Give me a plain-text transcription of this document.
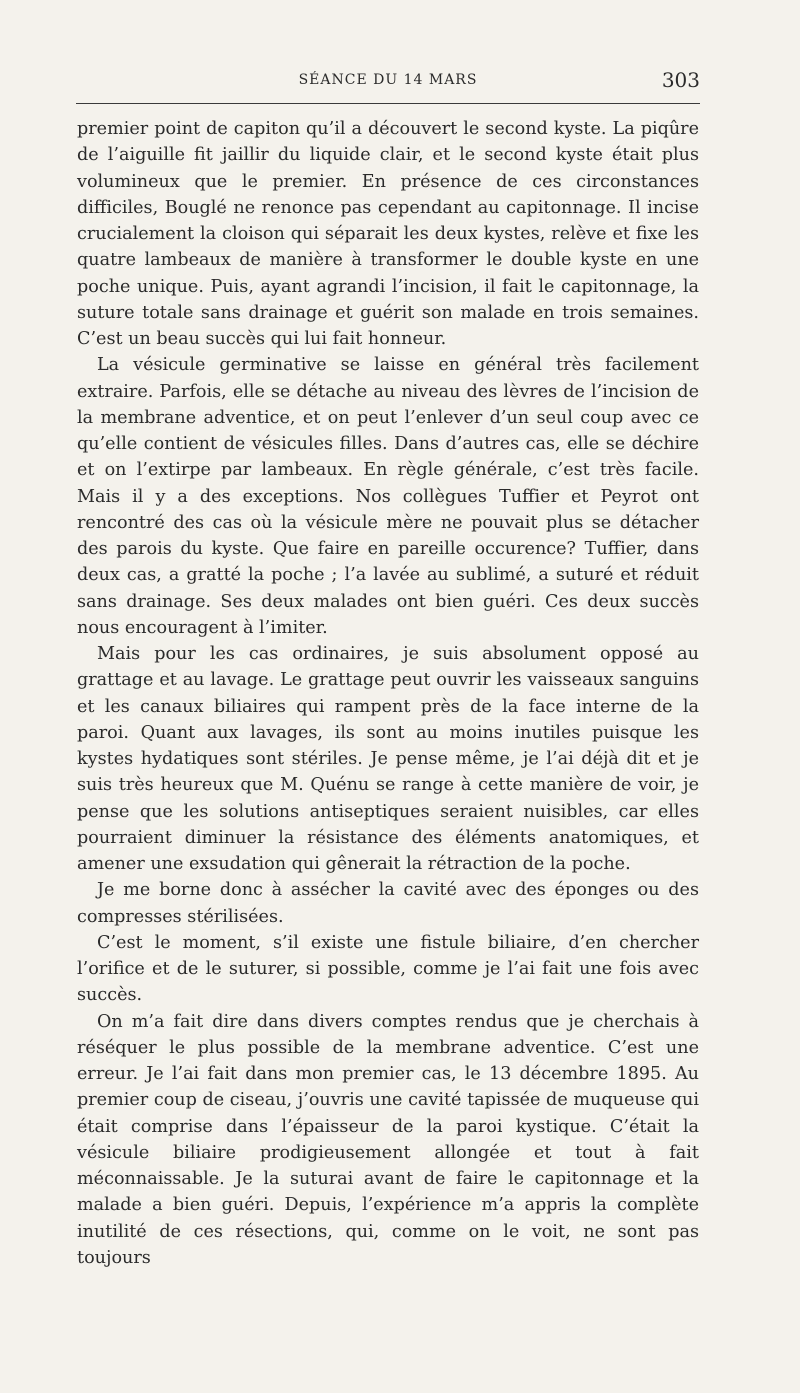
SÉANCE DU 14 MARS	303

premier point de capiton qu’il a découvert le second kyste. La piqûre de l’aiguille fit jaillir du liquide clair, et le second kyste était plus volumineux que le premier. En présence de ces circonstances difficiles, Bouglé ne renonce pas cependant au capitonnage. Il incise crucialement la cloison qui séparait les deux kystes, relève et fixe les quatre lambeaux de manière à transformer le double kyste en une poche unique. Puis, ayant agrandi l’incision, il fait le capitonnage, la suture totale sans drainage et guérit son malade en trois semaines. C’est un beau succès qui lui fait honneur.

La vésicule germinative se laisse en général très facilement extraire. Parfois, elle se détache au niveau des lèvres de l’incision de la membrane adventice, et on peut l’enlever d’un seul coup avec ce qu’elle contient de vésicules filles. Dans d’autres cas, elle se déchire et on l’extirpe par lambeaux. En règle générale, c’est très facile. Mais il y a des exceptions. Nos collègues Tuffier et Peyrot ont rencontré des cas où la vésicule mère ne pouvait plus se détacher des parois du kyste. Que faire en pareille occurence? Tuffier, dans deux cas, a gratté la poche ; l’a lavée au sublimé, a suturé et réduit sans drainage. Ses deux malades ont bien guéri. Ces deux succès nous encouragent à l’imiter.

Mais pour les cas ordinaires, je suis absolument opposé au grattage et au lavage. Le grattage peut ouvrir les vaisseaux sanguins et les canaux biliaires qui rampent près de la face interne de la paroi. Quant aux lavages, ils sont au moins inutiles puisque les kystes hydatiques sont stériles. Je pense même, je l’ai déjà dit et je suis très heureux que M. Quénu se range à cette manière de voir, je pense que les solutions antiseptiques seraient nuisibles, car elles pourraient diminuer la résistance des éléments anatomiques, et amener une exsudation qui gênerait la rétraction de la poche.

Je me borne donc à assécher la cavité avec des éponges ou des compresses stérilisées.

C’est le moment, s’il existe une fistule biliaire, d’en chercher l’orifice et de le suturer, si possible, comme je l’ai fait une fois avec succès.

On m’a fait dire dans divers comptes rendus que je cherchais à réséquer le plus possible de la membrane adventice. C’est une erreur. Je l’ai fait dans mon premier cas, le 13 décembre 1895. Au premier coup de ciseau, j’ouvris une cavité tapissée de muqueuse qui était comprise dans l’épaisseur de la paroi kystique. C’était la vésicule biliaire prodigieusement allongée et tout à fait méconnaissable. Je la suturai avant de faire le capitonnage et la malade a bien guéri. Depuis, l’expérience m’a appris la complète inutilité de ces résections, qui, comme on le voit, ne sont pas toujours
